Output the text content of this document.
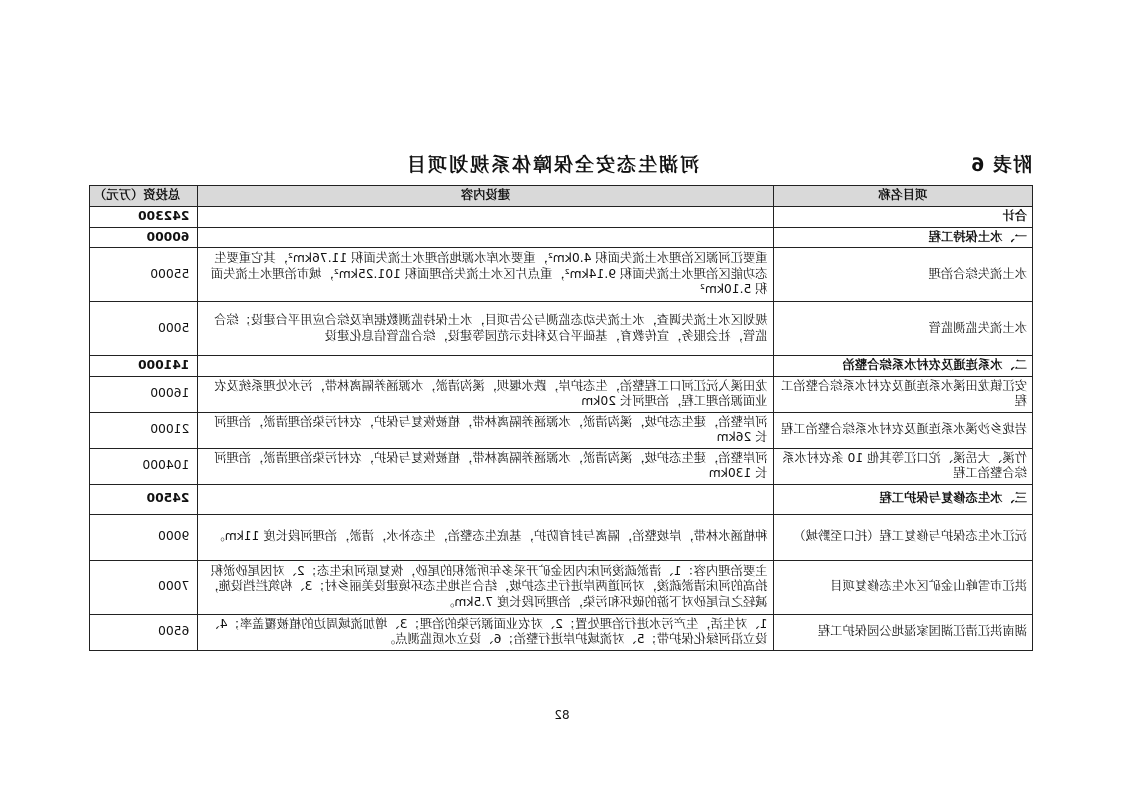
附表 6
河湖生态安全保障体系规划项目
项目名称	建设内容	总投资（万元）
合计		242300
一、水土保持工程		60000
水土流失综合治理	重要江河源区治理水土流失面积 4.0km²，重要水库水源地治理水土流失面积 11.76km²，其它重要生态功能区治理水土流失面积 9.14km²，重点片区水土流失治理面积 101.25km²，城市治理水土流失面积 5.10km²	55000
水土流失监测监管	规划区水土流失调查，水土流失动态监测与公告项目，水土保持监测数据库及综合应用平台建设；综合监管，社会服务，宣传教育，基础平台及科技示范园等建设，综合监管信息化建设	5000
二、水系连通及农村水系综合整治		141000
安江镇龙田溪水系连通及农村水系综合整治工程	龙田溪入沅江河口工程整治，生态护岸，跌水堰坝，溪沟清淤，水源涵养隔离林带，污水处理系统及农业面源治理工程，治理河长 20km	16000
岩垅乡沙溪水系连通及农村水系综合整治工程	河岸整治，建生态护坡，溪沟清淤，水源涵养隔离林带，植被恢复与保护，农村污染治理清淤，治理河长 26km	21000
竹溪、大岳溪、沱口江等其他 10 条农村水系综合整治工程	河岸整治，建生态护坡，溪沟清淤，水源涵养隔离林带，植被恢复与保护，农村污染治理清淤，治理河长 130km	104000
三、水生态修复与保护工程		24500
沅江水生态保护与修复工程（托口至黔城）	种植涵水林带，岸坡整治，隔离与封育防护，基底生态整治，生态补水，清淤，治理河段长度 11km。	9000
洪江市雪峰山金矿区水生态修复项目	主要治理内容：1、清淤疏浚河床内因金矿开采多年所淤积的尾砂，恢复原河床生态；2、对因尾砂淤积抬高的河床清淤疏浚，对河道两岸进行生态护坡，结合当地生态环境建设美丽乡村；3、构筑拦挡设施，减轻之后尾砂对下游的破坏和污染，治理河段长度 7.5km。	7000
湖南洪江清江湖国家湿地公园保护工程	1、对生活，生产污水进行治理处置；2、对农业面源污染的治理；3、增加流域周边的植被覆盖率；4、设立沿河绿化保护带；5、对流域护岸进行整治；6、设立水质监测点。	6500
82
